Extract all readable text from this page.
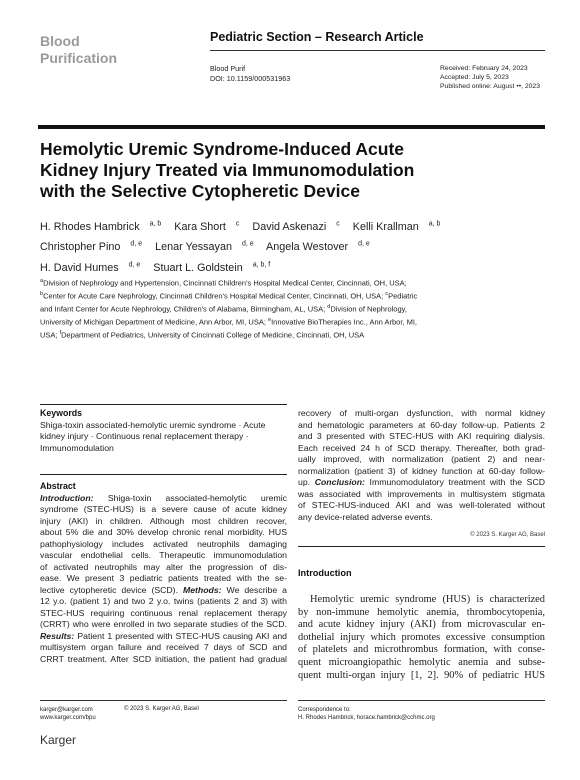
Blood
Purification
Pediatric Section – Research Article
Blood Purif
DOI: 10.1159/000531963
Received: February 24, 2023
Accepted: July 5, 2023
Published online: August ••, 2023
Hemolytic Uremic Syndrome-Induced Acute
Kidney Injury Treated via Immunomodulation
with the Selective Cytopheretic Device
H. Rhodes Hambrick $^{a, b}$ Kara Short $^c$ David Askenazi $^c$ Kelli Krallman $^{a, b}$
Christopher Pino $^{d, e}$ Lenar Yessayan $^{d, e}$ Angela Westover $^{d, e}$
H. David Humes $^{d, e}$ Stuart L. Goldstein $^{a, b, f}$
$^a$Division of Nephrology and Hypertension, Cincinnati Children's Hospital Medical Center, Cincinnati, OH, USA;
$^b$Center for Acute Care Nephrology, Cincinnati Children's Hospital Medical Center, Cincinnati, OH, USA; $^c$Pediatric
and Infant Center for Acute Nephrology, Children's of Alabama, Birmingham, AL, USA; $^d$Division of Nephrology,
University of Michigan Department of Medicine, Ann Arbor, MI, USA; $^e$Innovative BioTherapies Inc., Ann Arbor, MI,
USA; $^f$Department of Pediatrics, University of Cincinnati College of Medicine, Cincinnati, OH, USA
Keywords
Shiga-toxin associated-hemolytic uremic syndrome · Acute
kidney injury · Continuous renal replacement therapy ·
Immunomodulation
Abstract
Introduction: Shiga-toxin associated-hemolytic uremic
syndrome (STEC-HUS) is a severe cause of acute kidney
injury (AKI) in children. Although most children recover,
about 5% die and 30% develop chronic renal morbidity. HUS
pathophysiology includes activated neutrophils damaging
vascular endothelial cells. Therapeutic immunomodulation
of activated neutrophils may alter the progression of dis-
ease. We present 3 pediatric patients treated with the se-
lective cytopheretic device (SCD). Methods: We describe a
12 y.o. (patient 1) and two 2 y.o. twins (patients 2 and 3) with
STEC-HUS requiring continuous renal replacement therapy
(CRRT) who were enrolled in two separate studies of the SCD.
Results: Patient 1 presented with STEC-HUS causing AKI and
multisystem organ failure and received 7 days of SCD and
CRRT treatment. After SCD initiation, the patient had gradual
recovery of multi-organ dysfunction, with normal kidney
and hematologic parameters at 60-day follow-up. Patients 2
and 3 presented with STEC-HUS with AKI requiring dialysis.
Each received 24 h of SCD therapy. Thereafter, both grad-
ually improved, with normalization (patient 2) and near-
normalization (patient 3) of kidney function at 60-day follow-
up. Conclusion: Immunomodulatory treatment with the SCD
was associated with improvements in multisystem stigmata
of STEC-HUS-induced AKI and was well-tolerated without
any device-related adverse events.
© 2023 S. Karger AG, Basel
Introduction
Hemolytic uremic syndrome (HUS) is characterized
by non-immune hemolytic anemia, thrombocytopenia,
and acute kidney injury (AKI) from microvascular en-
dothelial injury which promotes excessive consumption
of platelets and microthrombus formation, with conse-
quent microangiopathic hemolytic anemia and subse-
quent multi-organ injury [1, 2]. 90% of pediatric HUS
karger@karger.com
www.karger.com/bpu
© 2023 S. Karger AG, Basel	Correspondence to:
H. Rhodes Hambrick, horace.hambrick@cchmc.org
Karger
